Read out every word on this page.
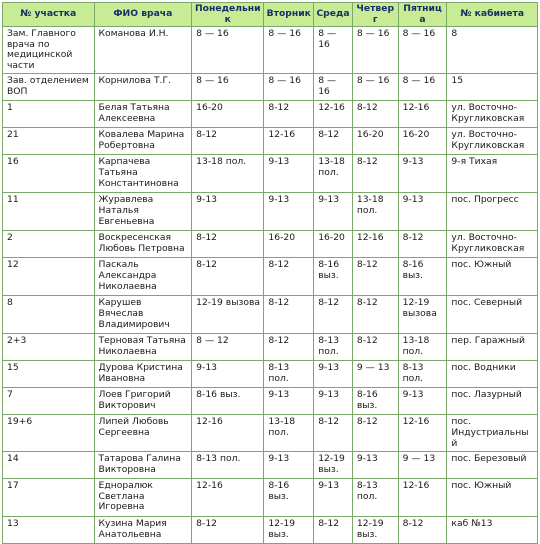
№ участка	ФИО врача	Понедельник	Вторник	Среда	Четверг	Пятница	№ кабинета
Зам. Главного врача по медицинской части	Команова И.Н.	8 — 16	8 — 16	8 — 16	8 — 16	8 — 16	8
Зав. отделением ВОП	Корнилова Т.Г.	8 — 16	8 — 16	8 — 16	8 — 16	8 — 16	15
1	Белая Татьяна Алексеевна	16-20	8-12	12-16	8-12	12-16	ул. Восточно-Кругликовская
21	Ковалева Марина Робертовна	8-12	12-16	8-12	16-20	16-20	ул. Восточно-Кругликовская
16	Карпачева Татьяна Константиновна	13-18 пол.	9-13	13-18 пол.	8-12	9-13	9-я Тихая
11	Журавлева Наталья Евгеньевна	9-13	9-13	9-13	13-18 пол.	9-13	пос. Прогресс
2	Воскресенская Любовь Петровна	8-12	16-20	16-20	12-16	8-12	ул. Восточно-Кругликовская
12	Паскаль Александра Николаевна	8-12	8-12	8-16 выз.	8-12	8-16 выз.	пос. Южный
8	Карушев Вячеслав Владимирович	12-19 вызова	8-12	8-12	8-12	12-19 вызова	пос. Северный
2+3	Терновая Татьяна Николаевна	8 — 12	8-12	8-13 пол.	8-12	13-18 пол.	пер. Гаражный
15	Дурова Кристина Ивановна	9-13	8-13 пол.	9-13	9 — 13	8-13 пол.	пос. Водники
7	Лоев Григорий Викторович	8-16 выз.	9-13	9-13	8-16 выз.	9-13	пос. Лазурный
19+6	Липей Любовь Сергеевна	12-16	13-18 пол.	8-12	8-12	12-16	пос. Индустриальный
14	Татарова Галина Викторовна	8-13 пол.	9-13	12-19 выз.	9-13	9 — 13	пос. Березовый
17	Едноралюк Светлана Игоревна	12-16	8-16 выз.	9-13	8-13 пол.	12-16	пос. Южный
13	Кузина Мария Анатольевна	8-12	12-19 выз.	8-12	12-19 выз.	8-12	каб №13
ˊ
